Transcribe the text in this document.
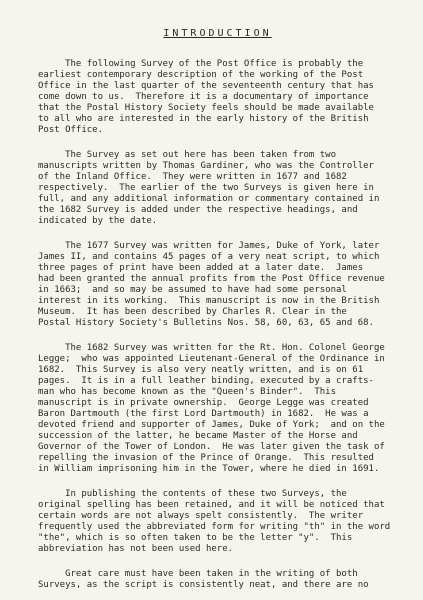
INTRODUCTION
The following Survey of the Post Office is probably the
earliest contemporary description of the working of the Post
Office in the last quarter of the seventeenth century that has
come down to us.  Therefore it is a documentary of importance
that the Postal History Society feels should be made available
to all who are interested in the early history of the British
Post Office.
The Survey as set out here has been taken from two
manuscripts written by Thomas Gardiner, who was the Controller
of the Inland Office.  They were written in 1677 and 1682
respectively.  The earlier of the two Surveys is given here in
full, and any additional information or commentary contained in
the 1682 Survey is added under the respective headings, and
indicated by the date.
The 1677 Survey was written for James, Duke of York, later
James II, and contains 45 pages of a very neat script, to which
three pages of print have been added at a later date.  James
had been granted the annual profits from the Post Office revenue
in 1663;  and so may be assumed to have had some personal
interest in its working.  This manuscript is now in the British
Museum.  It has been described by Charles R. Clear in the
Postal History Society's Bulletins Nos. 58, 60, 63, 65 and 68.
The 1682 Survey was written for the Rt. Hon. Colonel George
Legge;  who was appointed Lieutenant-General of the Ordinance in
1682.  This Survey is also very neatly written, and is on 61
pages.  It is in a full leather binding, executed by a crafts-
man who has become known as the "Queen's Binder".  This
manuscript is in private ownership.  George Legge was created
Baron Dartmouth (the first Lord Dartmouth) in 1682.  He was a
devoted friend and supporter of James, Duke of York;  and on the
succession of the latter, he became Master of the Horse and
Governor of the Tower of London.  He was later given the task of
repelling the invasion of the Prince of Orange.  This resulted
in William imprisoning him in the Tower, where he died in 1691.
In publishing the contents of these two Surveys, the
original spelling has been retained, and it will be noticed that
certain words are not always spelt consistently.  The writer
frequently used the abbreviated form for writing "th" in the word
"the", which is so often taken to be the letter "y".  This
abbreviation has not been used here.
Great care must have been taken in the writing of both
Surveys, as the script is consistently neat, and there are no
